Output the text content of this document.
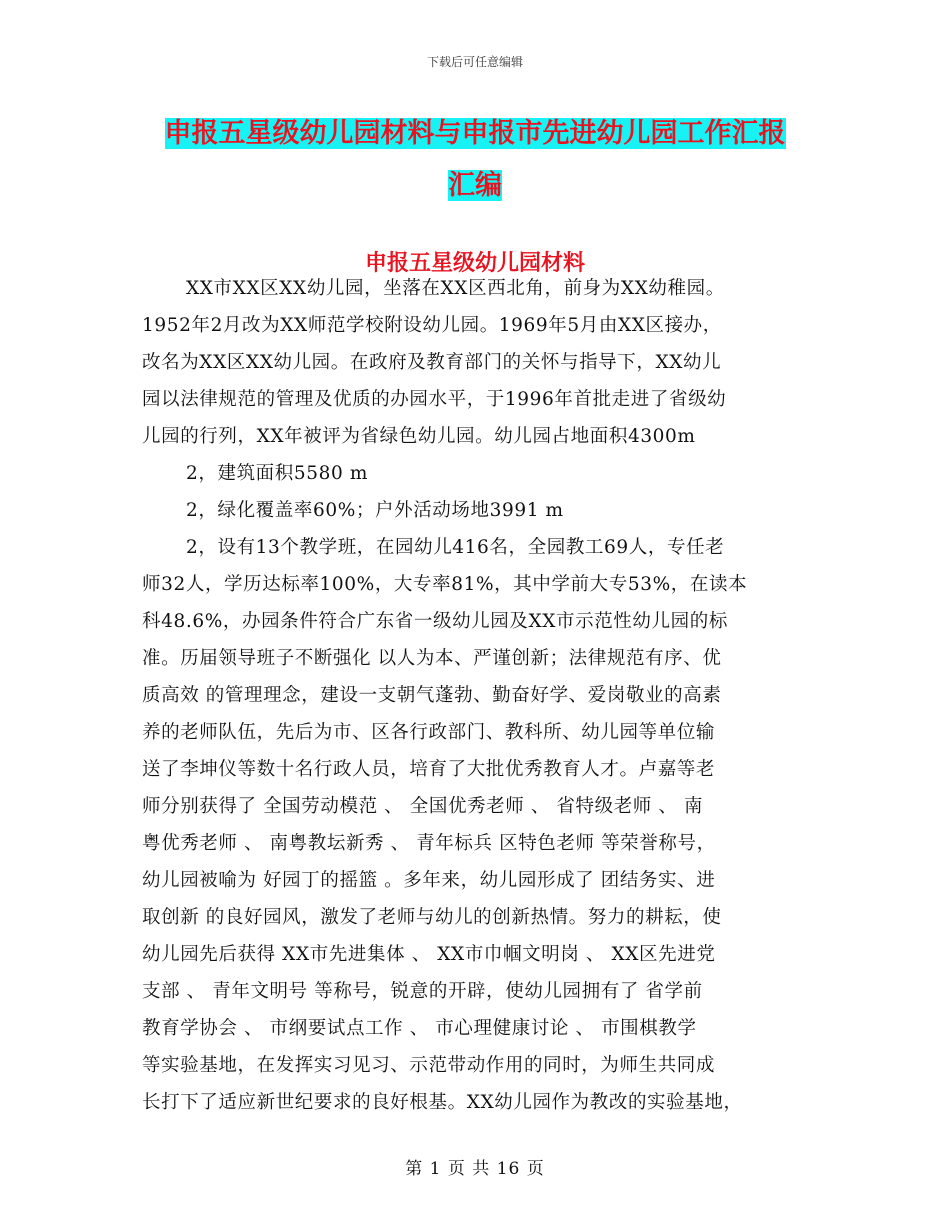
下载后可任意编辑
申报五星级幼儿园材料与申报市先进幼儿园工作汇报
汇编
申报五星级幼儿园材料
XX市XX区XX幼儿园，坐落在XX区西北角，前身为XX幼稚园。
1952年2月改为XX师范学校附设幼儿园。1969年5月由XX区接办，
改名为XX区XX幼儿园。在政府及教育部门的关怀与指导下，XX幼儿
园以法律规范的管理及优质的办园水平，于1996年首批走进了省级幼
儿园的行列，XX年被评为省绿色幼儿园。幼儿园占地面积4300m
2，建筑面积5580 m
2，绿化覆盖率60%；户外活动场地3991 m
2，设有13个教学班，在园幼儿416名，全园教工69人，专任老
师32人，学历达标率100%，大专率81%，其中学前大专53%，在读本
科48.6%，办园条件符合广东省一级幼儿园及XX市示范性幼儿园的标
准。历届领导班子不断强化 以人为本、严谨创新；法律规范有序、优
质高效 的管理理念，建设一支朝气蓬勃、勤奋好学、爱岗敬业的高素
养的老师队伍，先后为市、区各行政部门、教科所、幼儿园等单位输
送了李坤仪等数十名行政人员，培育了大批优秀教育人才。卢嘉等老
师分别获得了 全国劳动模范 、 全国优秀老师 、 省特级老师 、 南
粤优秀老师 、 南粤教坛新秀 、 青年标兵 区特色老师 等荣誉称号，
幼儿园被喻为 好园丁的摇篮 。多年来，幼儿园形成了 团结务实、进
取创新 的良好园风，激发了老师与幼儿的创新热情。努力的耕耘，使
幼儿园先后获得 XX市先进集体 、 XX市巾帼文明岗 、 XX区先进党
支部 、 青年文明号 等称号，锐意的开辟，使幼儿园拥有了 省学前
教育学协会 、 市纲要试点工作 、 市心理健康讨论 、 市围棋教学
等实验基地，在发挥实习见习、示范带动作用的同时，为师生共同成
长打下了适应新世纪要求的良好根基。XX幼儿园作为教改的实验基地，
第 1 页 共 16 页
